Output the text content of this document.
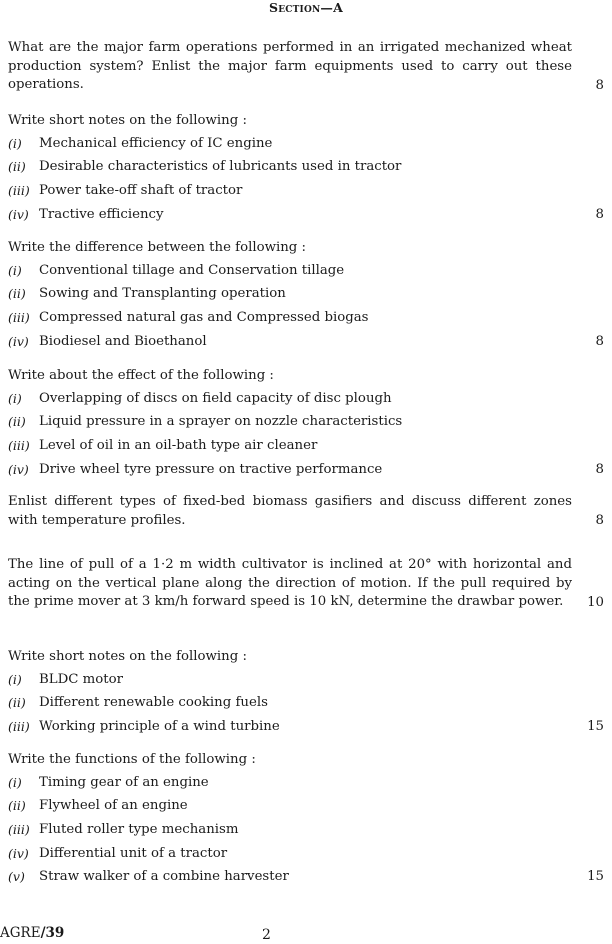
Section—A
What are the major farm operations performed in an irrigated mechanized wheat production system? Enlist the major farm equipments used to carry out these operations.	8
Write short notes on the following :
(i)	Mechanical efficiency of IC engine
(ii) Desirable characteristics of lubricants used in tractor
(iii) Power take-off shaft of tractor
(iv) Tractive efficiency	8
Write the difference between the following :
(i)	Conventional tillage and Conservation tillage
(ii) Sowing and Transplanting operation
(iii) Compressed natural gas and Compressed biogas
(iv) Biodiesel and Bioethanol	8
Write about the effect of the following :
(i)	Overlapping of discs on field capacity of disc plough
(ii) Liquid pressure in a sprayer on nozzle characteristics
(iii) Level of oil in an oil-bath type air cleaner
(iv) Drive wheel tyre pressure on tractive performance	8
Enlist different types of fixed-bed biomass gasifiers and discuss different zones with temperature profiles.	8
The line of pull of a 1·2 m width cultivator is inclined at 20° with horizontal and acting on the vertical plane along the direction of motion. If the pull required by the prime mover at 3 km/h forward speed is 10 kN, determine the drawbar power.	10
Write short notes on the following :
(i)	BLDC motor
(ii) Different renewable cooking fuels
(iii) Working principle of a wind turbine	15
Write the functions of the following :
(i)	Timing gear of an engine
(ii) Flywheel of an engine
(iii) Fluted roller type mechanism
(iv) Differential unit of a tractor
(v)	Straw walker of a combine harvester	15
AGRE/39	2
